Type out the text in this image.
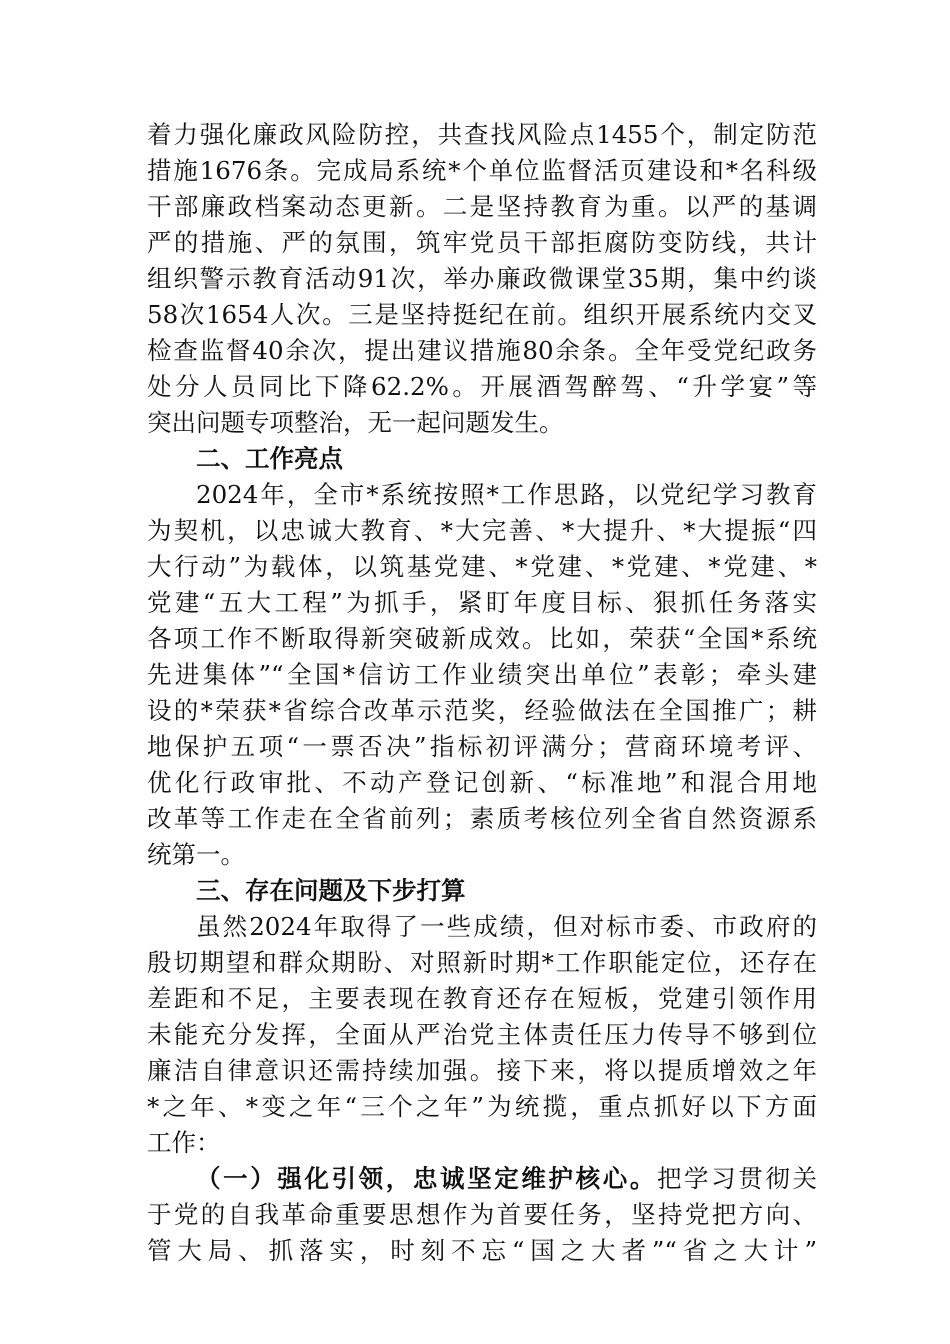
着力强化廉政风险防控，共查找风险点1455个，制定防范
措施1676条。完成局系统*个单位监督活页建设和*名科级
干部廉政档案动态更新。二是坚持教育为重。以严的基调
严的措施、严的氛围，筑牢党员干部拒腐防变防线，共计
组织警示教育活动91次，举办廉政微课堂35期，集中约谈
58次1654人次。三是坚持挺纪在前。组织开展系统内交叉
检查监督40余次，提出建议措施80余条。全年受党纪政务
处分人员同比下降62.2%。开展酒驾醉驾、“升学宴”等
突出问题专项整治，无一起问题发生。
二、工作亮点
2024年，全市*系统按照*工作思路，以党纪学习教育
为契机，以忠诚大教育、*大完善、*大提升、*大提振“四
大行动”为载体，以筑基党建、*党建、*党建、*党建、*
党建“五大工程”为抓手，紧盯年度目标、狠抓任务落实
各项工作不断取得新突破新成效。比如，荣获“全国*系统
先进集体”“全国*信访工作业绩突出单位”表彰；牵头建
设的*荣获*省综合改革示范奖，经验做法在全国推广；耕
地保护五项“一票否决”指标初评满分；营商环境考评、
优化行政审批、不动产登记创新、“标准地”和混合用地
改革等工作走在全省前列；素质考核位列全省自然资源系
统第一。
三、存在问题及下步打算
虽然2024年取得了一些成绩，但对标市委、市政府的
殷切期望和群众期盼、对照新时期*工作职能定位，还存在
差距和不足，主要表现在教育还存在短板，党建引领作用
未能充分发挥，全面从严治党主体责任压力传导不够到位
廉洁自律意识还需持续加强。接下来，将以提质增效之年
*之年、*变之年“三个之年”为统揽，重点抓好以下方面
工作：
（一）强化引领，忠诚坚定维护核心。把学习贯彻关
于党的自我革命重要思想作为首要任务，坚持党把方向、
管大局、抓落实，时刻不忘“国之大者”“省之大计”
